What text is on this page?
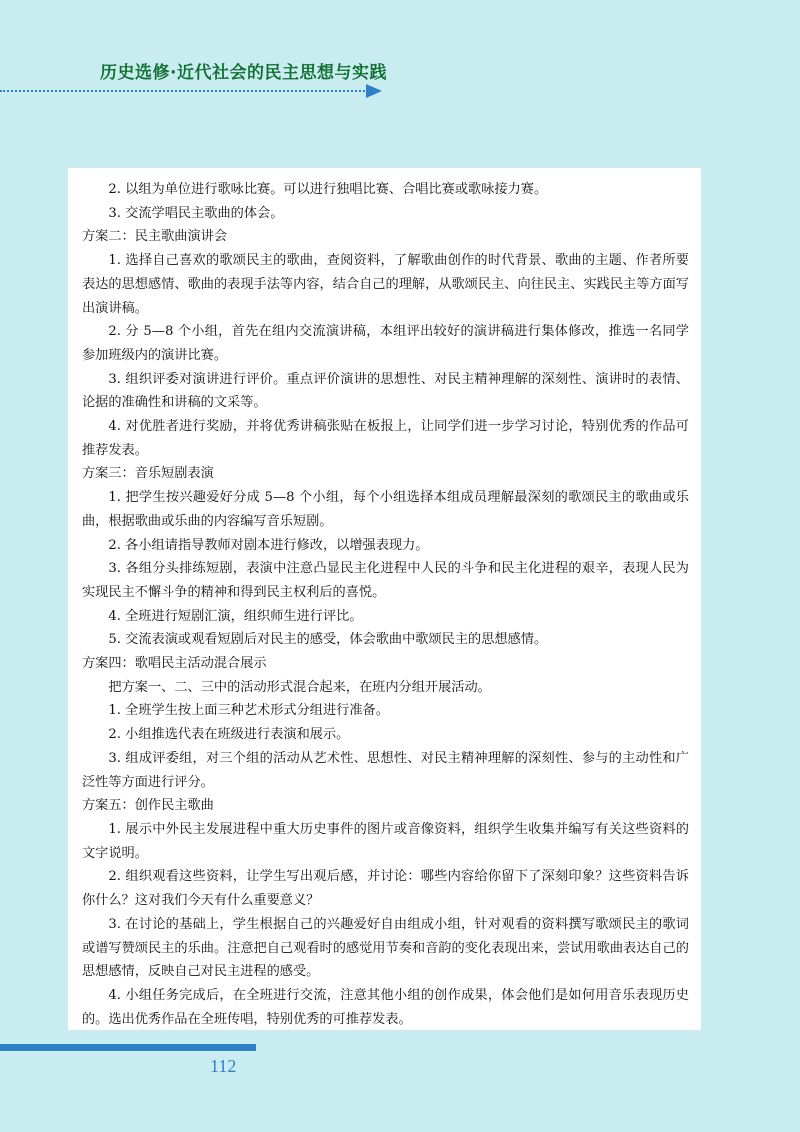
历史选修·近代社会的民主思想与实践

2. 以组为单位进行歌咏比赛。可以进行独唱比赛、合唱比赛或歌咏接力赛。

3. 交流学唱民主歌曲的体会。

方案二：民主歌曲演讲会

1. 选择自己喜欢的歌颂民主的歌曲，查阅资料，了解歌曲创作的时代背景、歌曲的主题、作者所要表达的思想感情、歌曲的表现手法等内容，结合自己的理解，从歌颂民主、向往民主、实践民主等方面写出演讲稿。

2. 分 5—8 个小组，首先在组内交流演讲稿，本组评出较好的演讲稿进行集体修改，推选一名同学参加班级内的演讲比赛。

3. 组织评委对演讲进行评价。重点评价演讲的思想性、对民主精神理解的深刻性、演讲时的表情、论据的准确性和讲稿的文采等。

4. 对优胜者进行奖励，并将优秀讲稿张贴在板报上，让同学们进一步学习讨论，特别优秀的作品可推荐发表。

方案三：音乐短剧表演

1. 把学生按兴趣爱好分成 5—8 个小组，每个小组选择本组成员理解最深刻的歌颂民主的歌曲或乐曲，根据歌曲或乐曲的内容编写音乐短剧。

2. 各小组请指导教师对剧本进行修改，以增强表现力。

3. 各组分头排练短剧，表演中注意凸显民主化进程中人民的斗争和民主化进程的艰辛，表现人民为实现民主不懈斗争的精神和得到民主权利后的喜悦。

4. 全班进行短剧汇演，组织师生进行评比。

5. 交流表演或观看短剧后对民主的感受，体会歌曲中歌颂民主的思想感情。

方案四：歌唱民主活动混合展示

把方案一、二、三中的活动形式混合起来，在班内分组开展活动。

1. 全班学生按上面三种艺术形式分组进行准备。

2. 小组推选代表在班级进行表演和展示。

3. 组成评委组，对三个组的活动从艺术性、思想性、对民主精神理解的深刻性、参与的主动性和广泛性等方面进行评分。

方案五：创作民主歌曲

1. 展示中外民主发展进程中重大历史事件的图片或音像资料，组织学生收集并编写有关这些资料的文字说明。

2. 组织观看这些资料，让学生写出观后感，并讨论：哪些内容给你留下了深刻印象？这些资料告诉你什么？这对我们今天有什么重要意义？

3. 在讨论的基础上，学生根据自己的兴趣爱好自由组成小组，针对观看的资料撰写歌颂民主的歌词或谱写赞颂民主的乐曲。注意把自己观看时的感觉用节奏和音韵的变化表现出来，尝试用歌曲表达自己的思想感情，反映自己对民主进程的感受。

4. 小组任务完成后，在全班进行交流，注意其他小组的创作成果，体会他们是如何用音乐表现历史的。选出优秀作品在全班传唱，特别优秀的可推荐发表。

112
